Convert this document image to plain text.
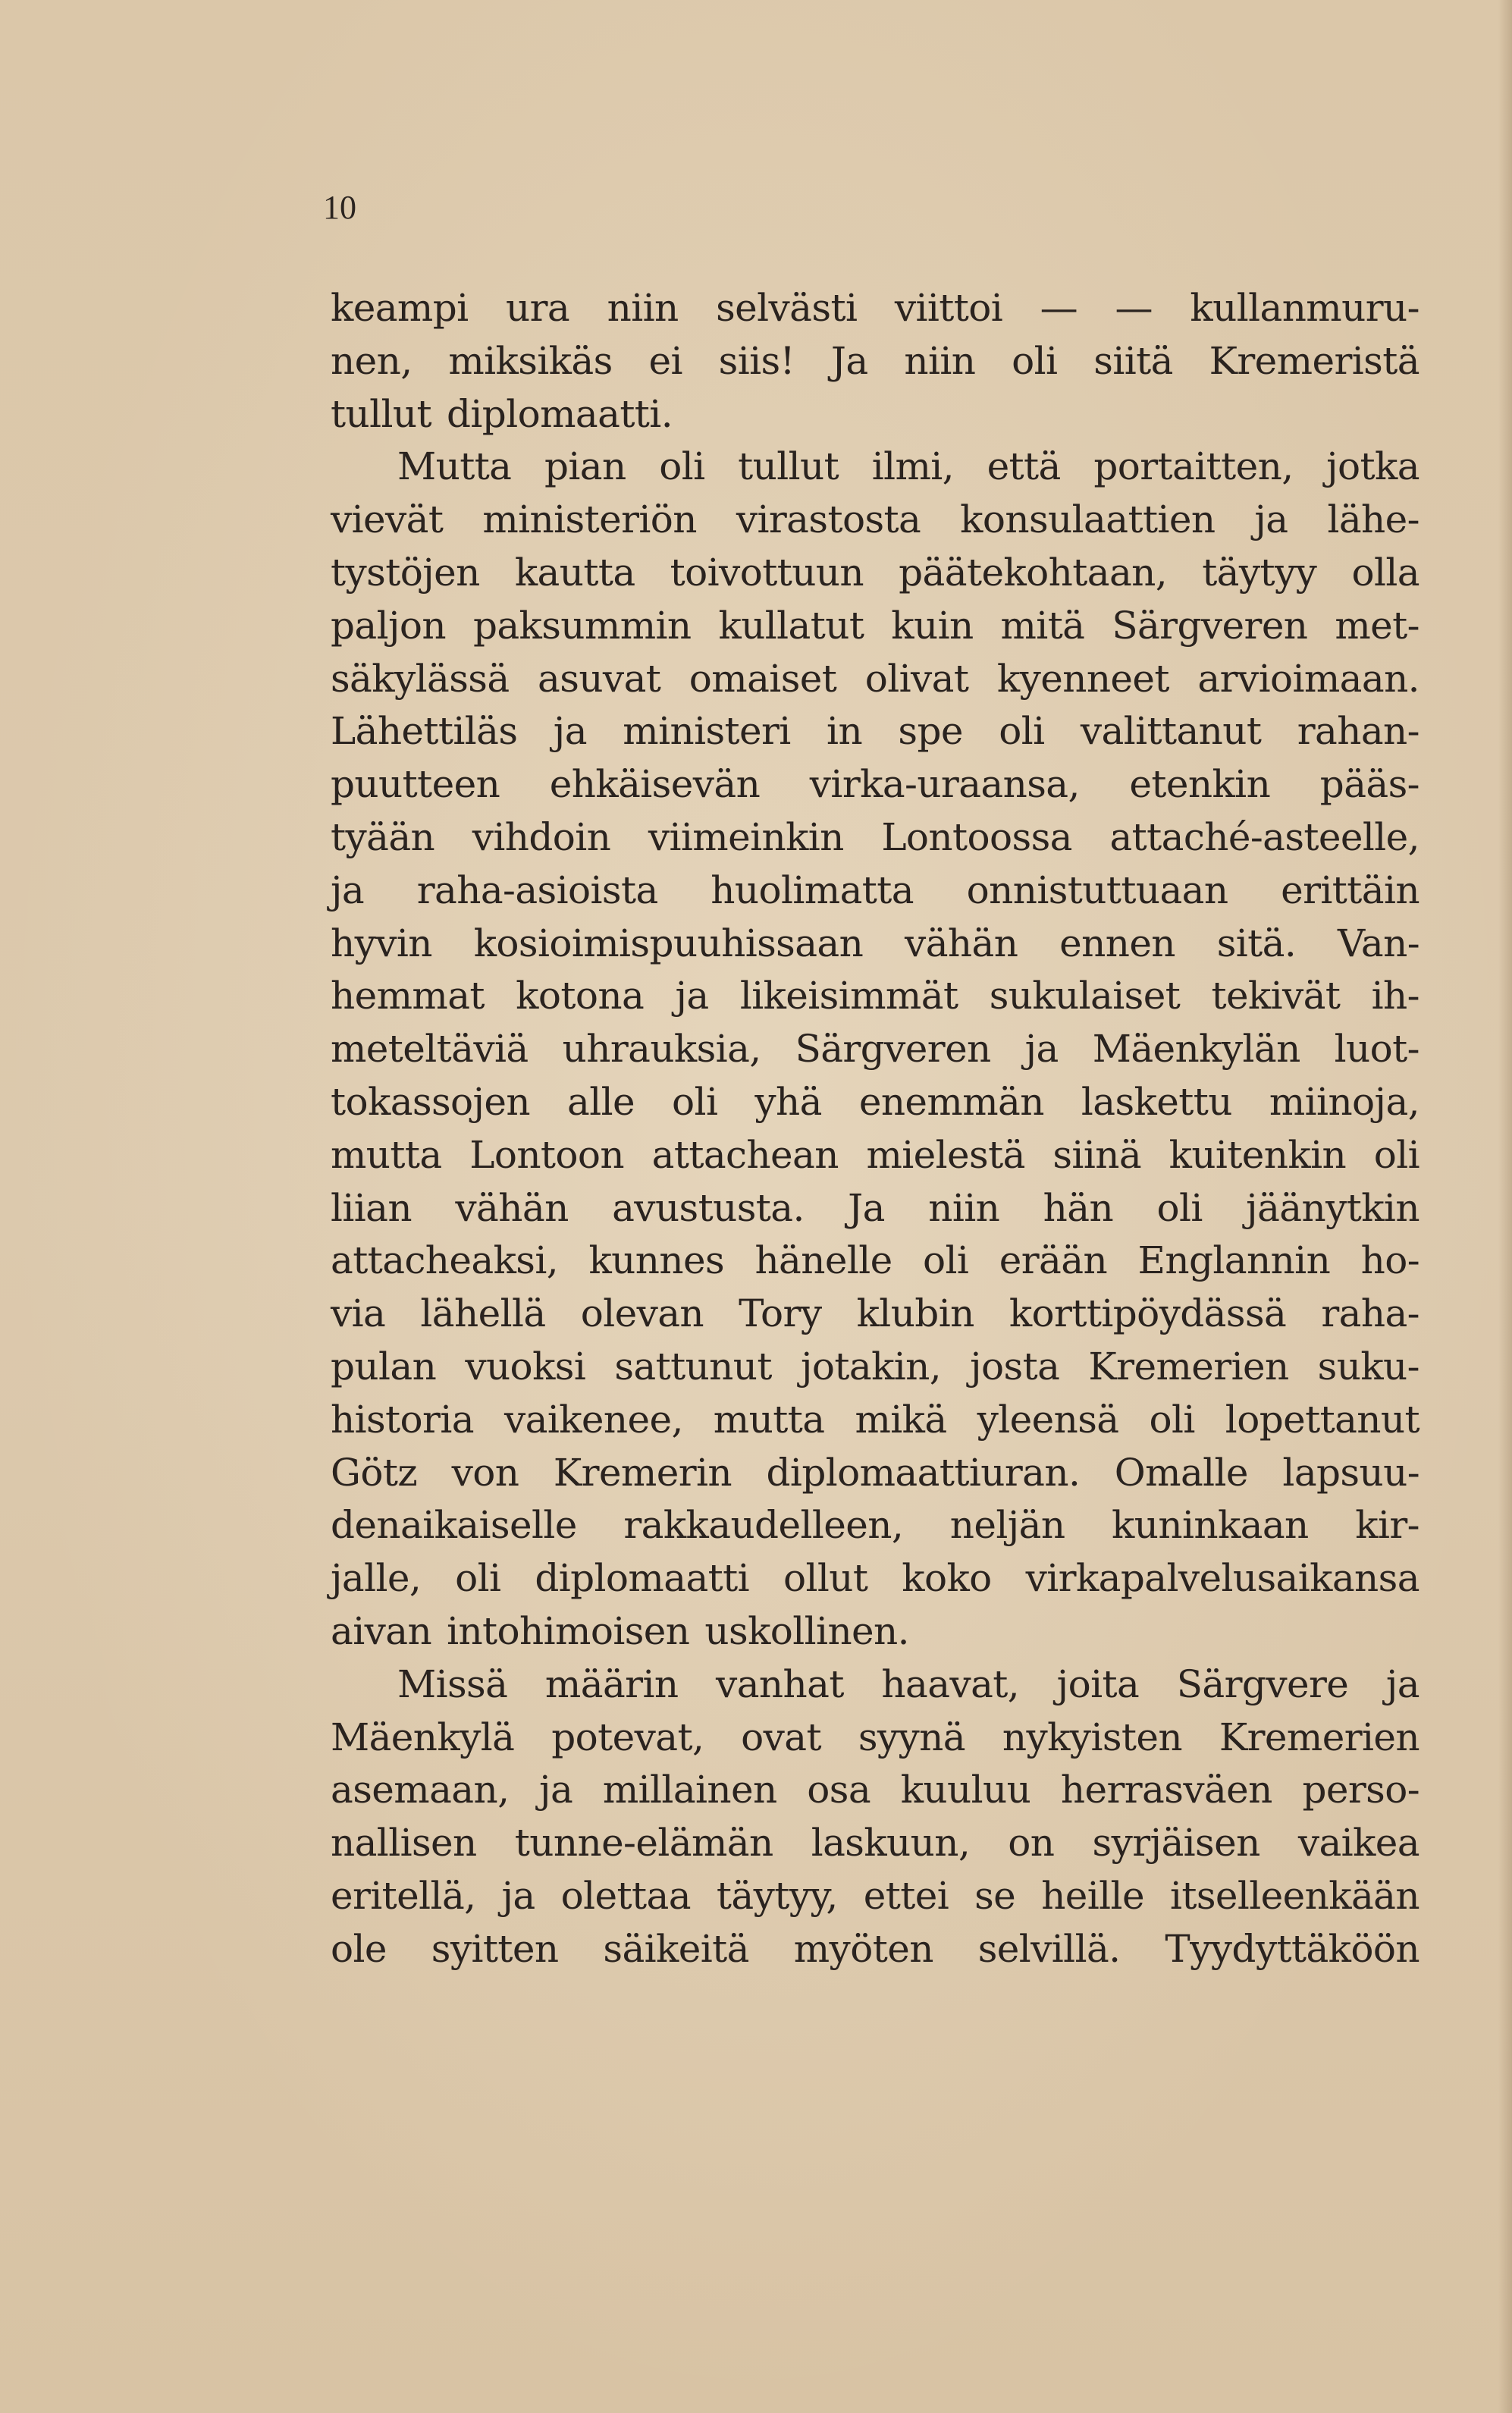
10
keampi ura niin selvästi viittoi — — kullanmuru-
nen, miksikäs ei siis! Ja niin oli siitä Kremeristä
tullut diplomaatti.
Mutta pian oli tullut ilmi, että portaitten, jotka
vievät ministeriön virastosta konsulaattien ja lähe-
tystöjen kautta toivottuun päätekohtaan, täytyy olla
paljon paksummin kullatut kuin mitä Särgveren met-
säkylässä asuvat omaiset olivat kyenneet arvioimaan.
Lähettiläs ja ministeri in spe oli valittanut rahan-
puutteen ehkäisevän virka-uraansa, etenkin pääs-
tyään vihdoin viimeinkin Lontoossa attaché-asteelle,
ja raha-asioista huolimatta onnistuttuaan erittäin
hyvin kosioimispuuhissaan vähän ennen sitä. Van-
hemmat kotona ja likeisimmät sukulaiset tekivät ih-
meteltäviä uhrauksia, Särgveren ja Mäenkylän luot-
tokassojen alle oli yhä enemmän laskettu miinoja,
mutta Lontoon attachean mielestä siinä kuitenkin oli
liian vähän avustusta. Ja niin hän oli jäänytkin
attacheaksi, kunnes hänelle oli erään Englannin ho-
via lähellä olevan Tory klubin korttipöydässä raha-
pulan vuoksi sattunut jotakin, josta Kremerien suku-
historia vaikenee, mutta mikä yleensä oli lopettanut
Götz von Kremerin diplomaattiuran. Omalle lapsuu-
denaikaiselle rakkaudelleen, neljän kuninkaan kir-
jalle, oli diplomaatti ollut koko virkapalvelusaikansa
aivan intohimoisen uskollinen.
Missä määrin vanhat haavat, joita Särgvere ja
Mäenkylä potevat, ovat syynä nykyisten Kremerien
asemaan, ja millainen osa kuuluu herrasväen perso-
nallisen tunne-elämän laskuun, on syrjäisen vaikea
eritellä, ja olettaa täytyy, ettei se heille itselleenkään
ole syitten säikeitä myöten selvillä. Tyydyttäköön
